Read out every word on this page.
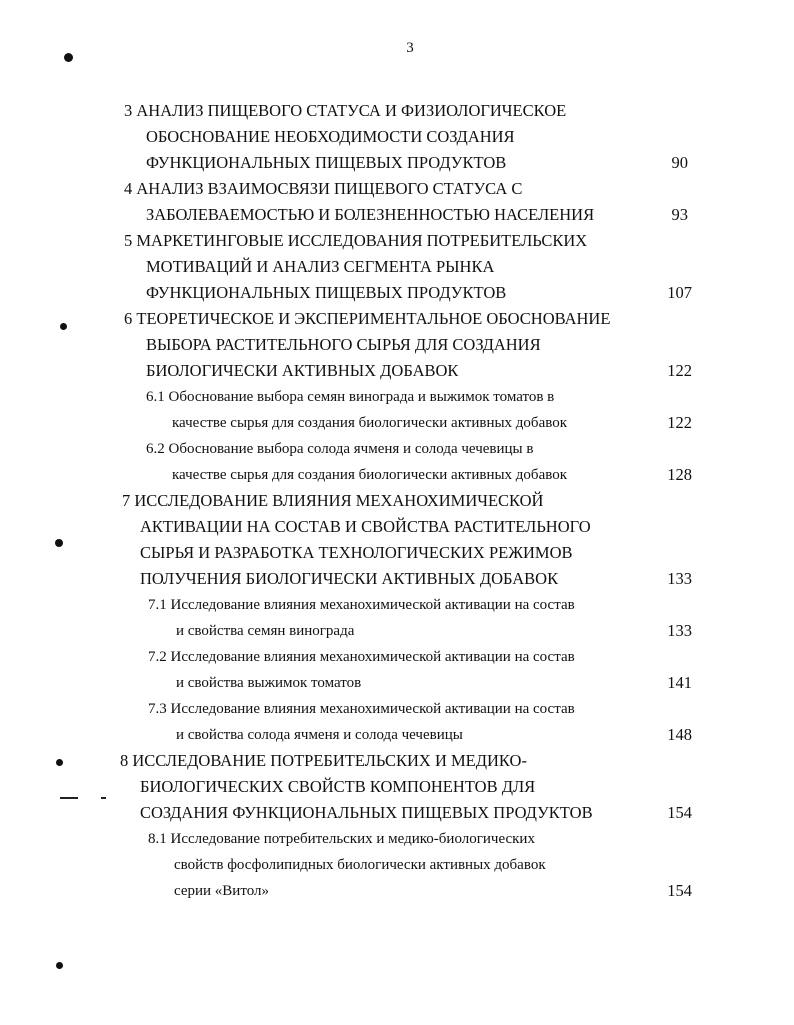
3
3 АНАЛИЗ ПИЩЕВОГО СТАТУСА И ФИЗИОЛОГИЧЕСКОЕ
ОБОСНОВАНИЕ НЕОБХОДИМОСТИ СОЗДАНИЯ
ФУНКЦИОНАЛЬНЫХ ПИЩЕВЫХ ПРОДУКТОВ	90
4 АНАЛИЗ ВЗАИМОСВЯЗИ ПИЩЕВОГО СТАТУСА С
ЗАБОЛЕВАЕМОСТЬЮ И БОЛЕЗНЕННОСТЬЮ НАСЕЛЕНИЯ	93
5 МАРКЕТИНГОВЫЕ ИССЛЕДОВАНИЯ ПОТРЕБИТЕЛЬСКИХ
МОТИВАЦИЙ И АНАЛИЗ СЕГМЕНТА РЫНКА
ФУНКЦИОНАЛЬНЫХ ПИЩЕВЫХ ПРОДУКТОВ	107
6 ТЕОРЕТИЧЕСКОЕ И ЭКСПЕРИМЕНТАЛЬНОЕ ОБОСНОВАНИЕ
ВЫБОРА РАСТИТЕЛЬНОГО СЫРЬЯ ДЛЯ СОЗДАНИЯ
БИОЛОГИЧЕСКИ АКТИВНЫХ ДОБАВОК	122
6.1 Обоснование выбора семян винограда и выжимок томатов в
качестве сырья для создания биологически активных добавок	122
6.2 Обоснование выбора солода ячменя и солода чечевицы в
качестве сырья для создания биологически активных добавок	128
7 ИССЛЕДОВАНИЕ ВЛИЯНИЯ МЕХАНОХИМИЧЕСКОЙ
АКТИВАЦИИ НА СОСТАВ И СВОЙСТВА РАСТИТЕЛЬНОГО
СЫРЬЯ И РАЗРАБОТКА ТЕХНОЛОГИЧЕСКИХ РЕЖИМОВ
ПОЛУЧЕНИЯ БИОЛОГИЧЕСКИ АКТИВНЫХ ДОБАВОК	133
7.1 Исследование влияния механохимической активации на состав
и свойства семян винограда	133
7.2 Исследование влияния механохимической активации на состав
и свойства выжимок томатов	141
7.3 Исследование влияния механохимической активации на состав
и свойства солода ячменя и солода чечевицы	148
8 ИССЛЕДОВАНИЕ ПОТРЕБИТЕЛЬСКИХ И МЕДИКО-
БИОЛОГИЧЕСКИХ СВОЙСТВ КОМПОНЕНТОВ ДЛЯ
СОЗДАНИЯ ФУНКЦИОНАЛЬНЫХ ПИЩЕВЫХ ПРОДУКТОВ	154
8.1 Исследование потребительских и медико-биологических
свойств фосфолипидных биологически активных добавок
серии «Витол»	154
